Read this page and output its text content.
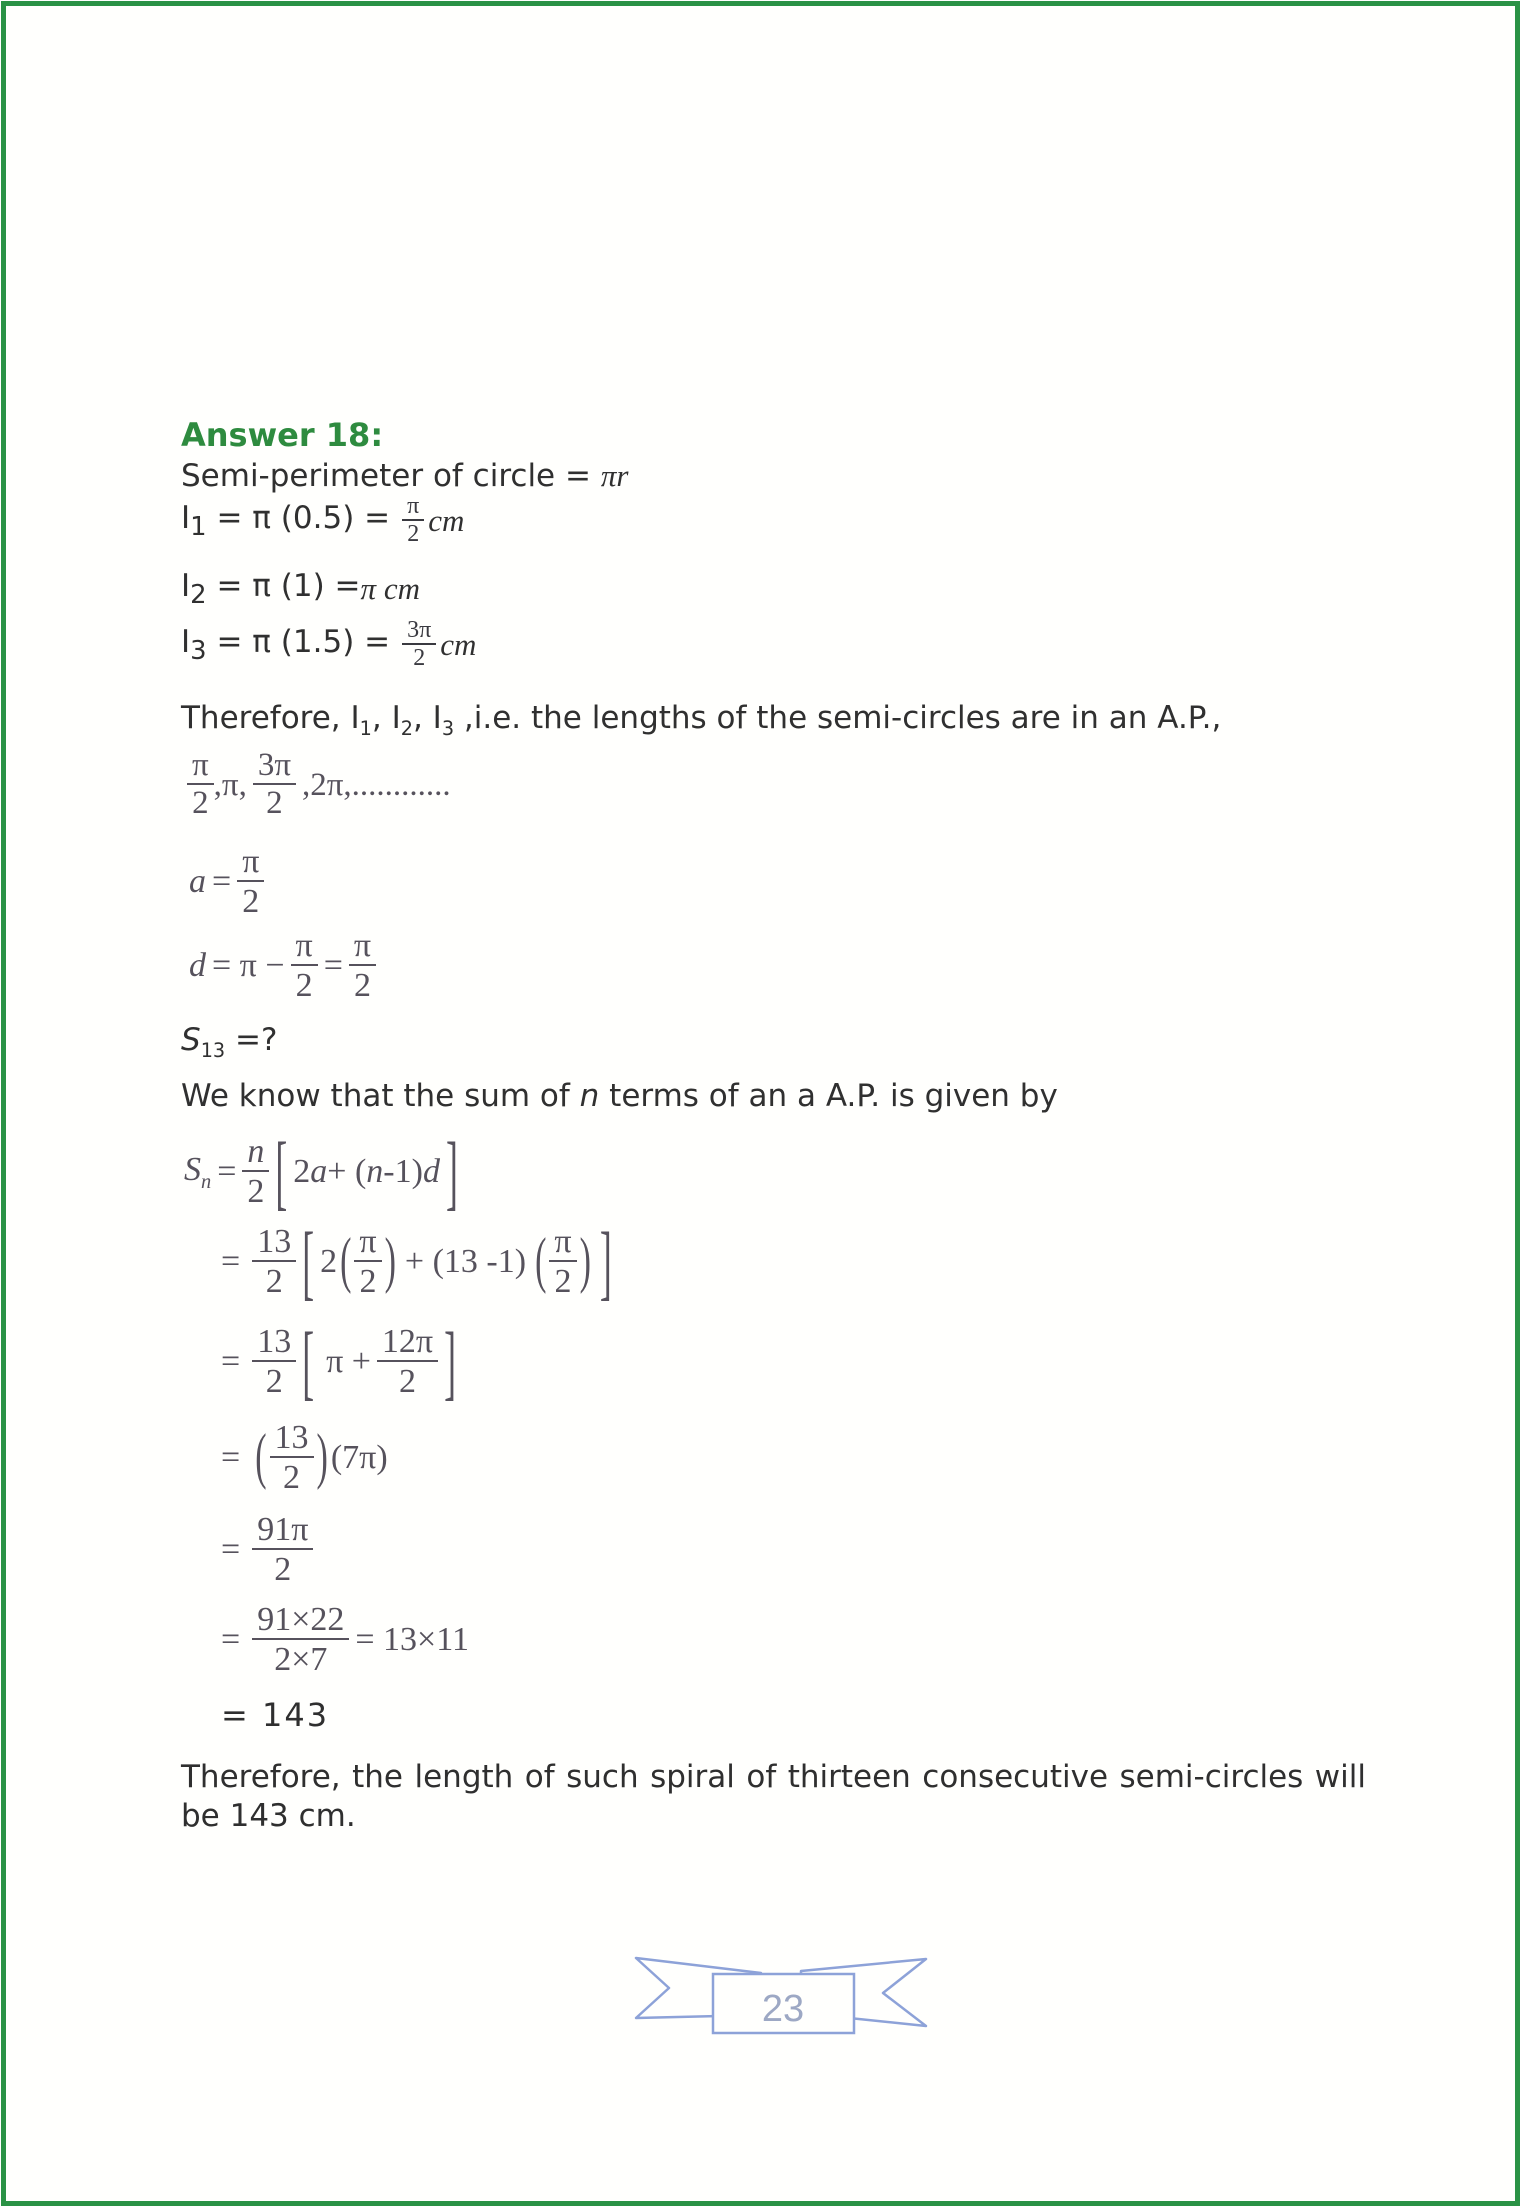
Answer 18:
Semi-perimeter of circle = πr
$I_1 = \pi$ $(0.5) = \frac{\pi}{2}$ cm
$I_2 = \pi$ (1) = π cm
$I_3 = \pi$ $(1.5) = \frac{3\pi}{2}$ cm
Therefore, $I_1$, $I_2$, $I_3$ ,i.e. the lengths of the semi-circles are in an A.P.,
$\frac{\pi}{2} ,\pi$, $\frac{3\pi}{2} ,2\pi$,............
$a = \frac{\pi}{2}$
$d = \pi - \frac{\pi}{2} = \frac{\pi}{2}$
$S_{13}$ =?
We know that the sum of n terms of an a A.P. is given by
$S_n = \frac{n}{2}$ [ 2 a + ( n -1) d ]
= $\frac{13}{2}$ [ 2 ( $\frac{\pi}{2}$ ) + (13 -1) ( $\frac{\pi}{2}$ ) ]
= $\frac{13}{2}$ [ $\pi + \frac{12\pi}{2}$ ]
= ( $\frac{13}{2}$ ) (7π)
= $\frac{91\pi}{2}$
= $\frac{91\times 22}{2\times 7} = 13\times 11$
= 143

Therefore, the length of such spiral of thirteen consecutive semi-circles will be 143 cm.

23
